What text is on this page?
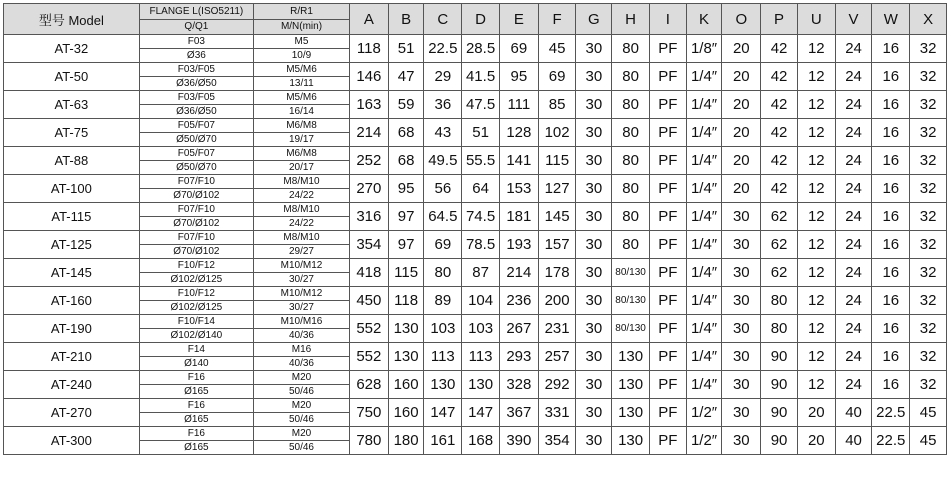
型号 Model	FLANGE L(ISO5211)	R/R1	A	B	C	D	E	F	G	H	I	K	O	P	U	V	W	X
	Q/Q1	M/N(min)																
AT-32	F03	M5	118	51	22.5	28.5	69	45	30	80	PF	1/8″	20	42	12	24	16	32
	Ø36	10/9																
AT-50	F03/F05	M5/M6	146	47	29	41.5	95	69	30	80	PF	1/4″	20	42	12	24	16	32
	Ø36/Ø50	13/11																
AT-63	F03/F05	M5/M6	163	59	36	47.5	111	85	30	80	PF	1/4″	20	42	12	24	16	32
	Ø36/Ø50	16/14																
AT-75	F05/F07	M6/M8	214	68	43	51	128	102	30	80	PF	1/4″	20	42	12	24	16	32
	Ø50/Ø70	19/17																
AT-88	F05/F07	M6/M8	252	68	49.5	55.5	141	115	30	80	PF	1/4″	20	42	12	24	16	32
	Ø50/Ø70	20/17																
AT-100	F07/F10	M8/M10	270	95	56	64	153	127	30	80	PF	1/4″	20	42	12	24	16	32
	Ø70/Ø102	24/22																
AT-115	F07/F10	M8/M10	316	97	64.5	74.5	181	145	30	80	PF	1/4″	30	62	12	24	16	32
	Ø70/Ø102	24/22																
AT-125	F07/F10	M8/M10	354	97	69	78.5	193	157	30	80	PF	1/4″	30	62	12	24	16	32
	Ø70/Ø102	29/27																
AT-145	F10/F12	M10/M12	418	115	80	87	214	178	30	80/130	PF	1/4″	30	62	12	24	16	32
	Ø102/Ø125	30/27																
AT-160	F10/F12	M10/M12	450	118	89	104	236	200	30	80/130	PF	1/4″	30	80	12	24	16	32
	Ø102/Ø125	30/27																
AT-190	F10/F14	M10/M16	552	130	103	103	267	231	30	80/130	PF	1/4″	30	80	12	24	16	32
	Ø102/Ø140	40/36																
AT-210	F14	M16	552	130	113	113	293	257	30	130	PF	1/4″	30	90	12	24	16	32
	Ø140	40/36																
AT-240	F16	M20	628	160	130	130	328	292	30	130	PF	1/4″	30	90	12	24	16	32
	Ø165	50/46																
AT-270	F16	M20	750	160	147	147	367	331	30	130	PF	1/2″	30	90	20	40	22.5	45
	Ø165	50/46																
AT-300	F16	M20	780	180	161	168	390	354	30	130	PF	1/2″	30	90	20	40	22.5	45
	Ø165	50/46																
